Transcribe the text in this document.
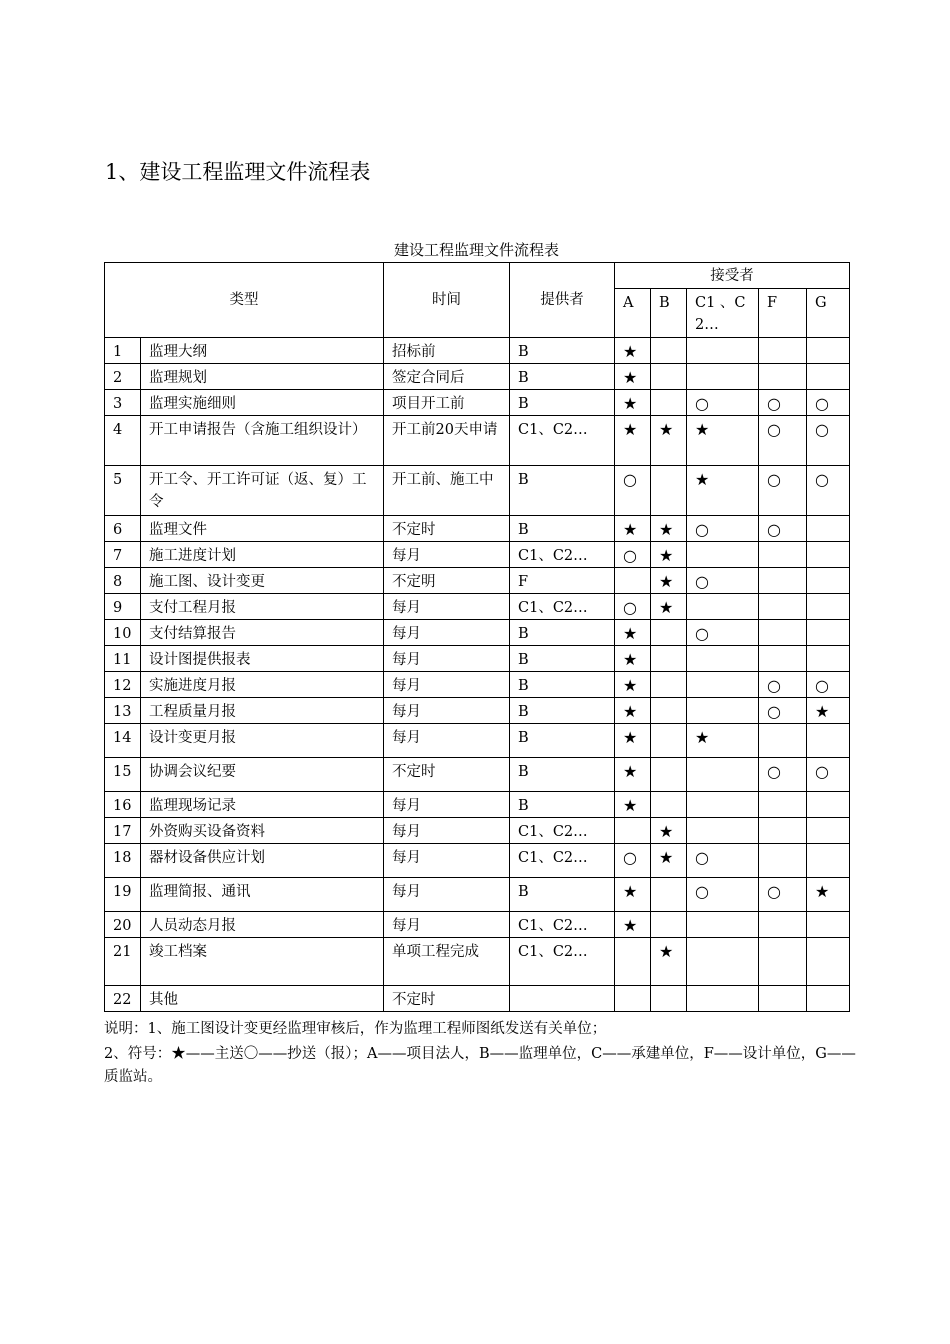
1、建设工程监理文件流程表
建设工程监理文件流程表
类型		时间	提供者	接受者				
				A	B	C1 、C 2…	F	G
1	监理大纲	招标前	B	★				
2	监理规划	签定合同后	B	★				
3	监理实施细则	项目开工前	B	★		○	○	○
4	开工申请报告（含施工组织设计）	开工前20天申请	C1、C2…	★	★	★	○	○
5	开工令、开工许可证（返、复）工令	开工前、施工中	B	○		★	○	○
6	监理文件	不定时	B	★	★	○	○	
7	施工进度计划	每月	C1、C2…	○	★			
8	施工图、设计变更	不定明	F		★	○		
9	支付工程月报	每月	C1、C2…	○	★			
10	支付结算报告	每月	B	★		○		
11	设计图提供报表	每月	B	★				
12	实施进度月报	每月	B	★			○	○
13	工程质量月报	每月	B	★			○	★
14	设计变更月报	每月	B	★		★		
15	协调会议纪要	不定时	B	★			○	○
16	监理现场记录	每月	B	★				
17	外资购买设备资料	每月	C1、C2…		★			
18	器材设备供应计划	每月	C1、C2…	○	★	○		
19	监理简报、通讯	每月	B	★		○	○	★
20	人员动态月报	每月	C1、C2…	★				
21	竣工档案	单项工程完成	C1、C2…		★			
22	其他	不定时						
说明：1、施工图设计变更经监理审核后，作为监理工程师图纸发送有关单位；
2、符号：★——主送〇——抄送（报）；A——项目法人，B——监理单位，C——承建单位，F——设计单位，G——质监站。
